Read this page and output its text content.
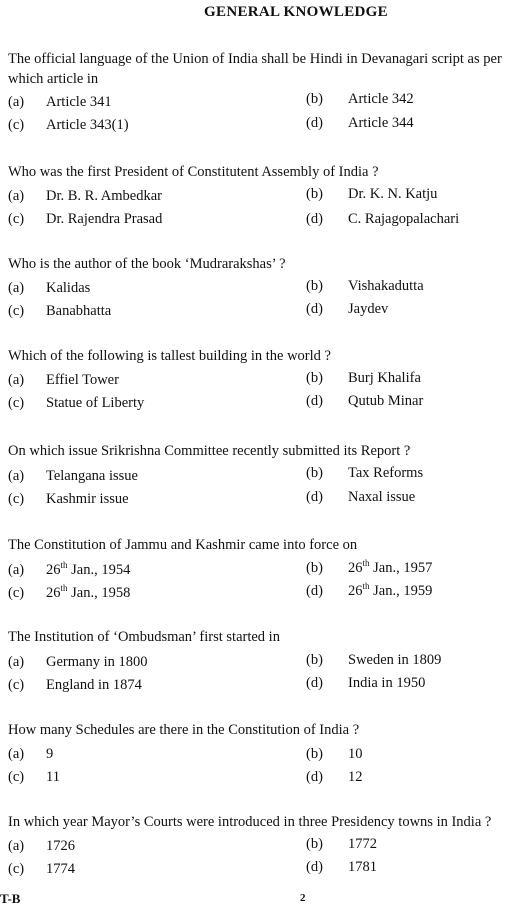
GENERAL KNOWLEDGE
The official language of the Union of India shall be Hindi in Devanagari script as per which article in
(a) Article 341	(b) Article 342
(c) Article 343(1)	(d) Article 344
Who was the first President of Constitutent Assembly of India ?
(a) Dr. B. R. Ambedkar	(b) Dr. K. N. Katju
(c) Dr. Rajendra Prasad	(d) C. Rajagopalachari
Who is the author of the book ‘Mudrarakshas’ ?
(a) Kalidas	(b) Vishakadutta
(c) Banabhatta	(d) Jaydev
Which of the following is tallest building in the world ?
(a) Effiel Tower	(b) Burj Khalifa
(c) Statue of Liberty	(d) Qutub Minar
On which issue Srikrishna Committee recently submitted its Report ?
(a) Telangana issue	(b) Tax Reforms
(c) Kashmir issue	(d) Naxal issue
The Constitution of Jammu and Kashmir came into force on
(a) 26th Jan., 1954	(b) 26th Jan., 1957
(c) 26th Jan., 1958	(d) 26th Jan., 1959
The Institution of ‘Ombudsman’ first started in
(a) Germany in 1800	(b) Sweden in 1809
(c) England in 1874	(d) India in 1950
How many Schedules are there in the Constitution of India ?
(a) 9	(b) 10
(c) 11	(d) 12
In which year Mayor’s Courts were introduced in three Presidency towns in India ?
(a) 1726	(b) 1772
(c) 1774	(d) 1781
T-B	2
